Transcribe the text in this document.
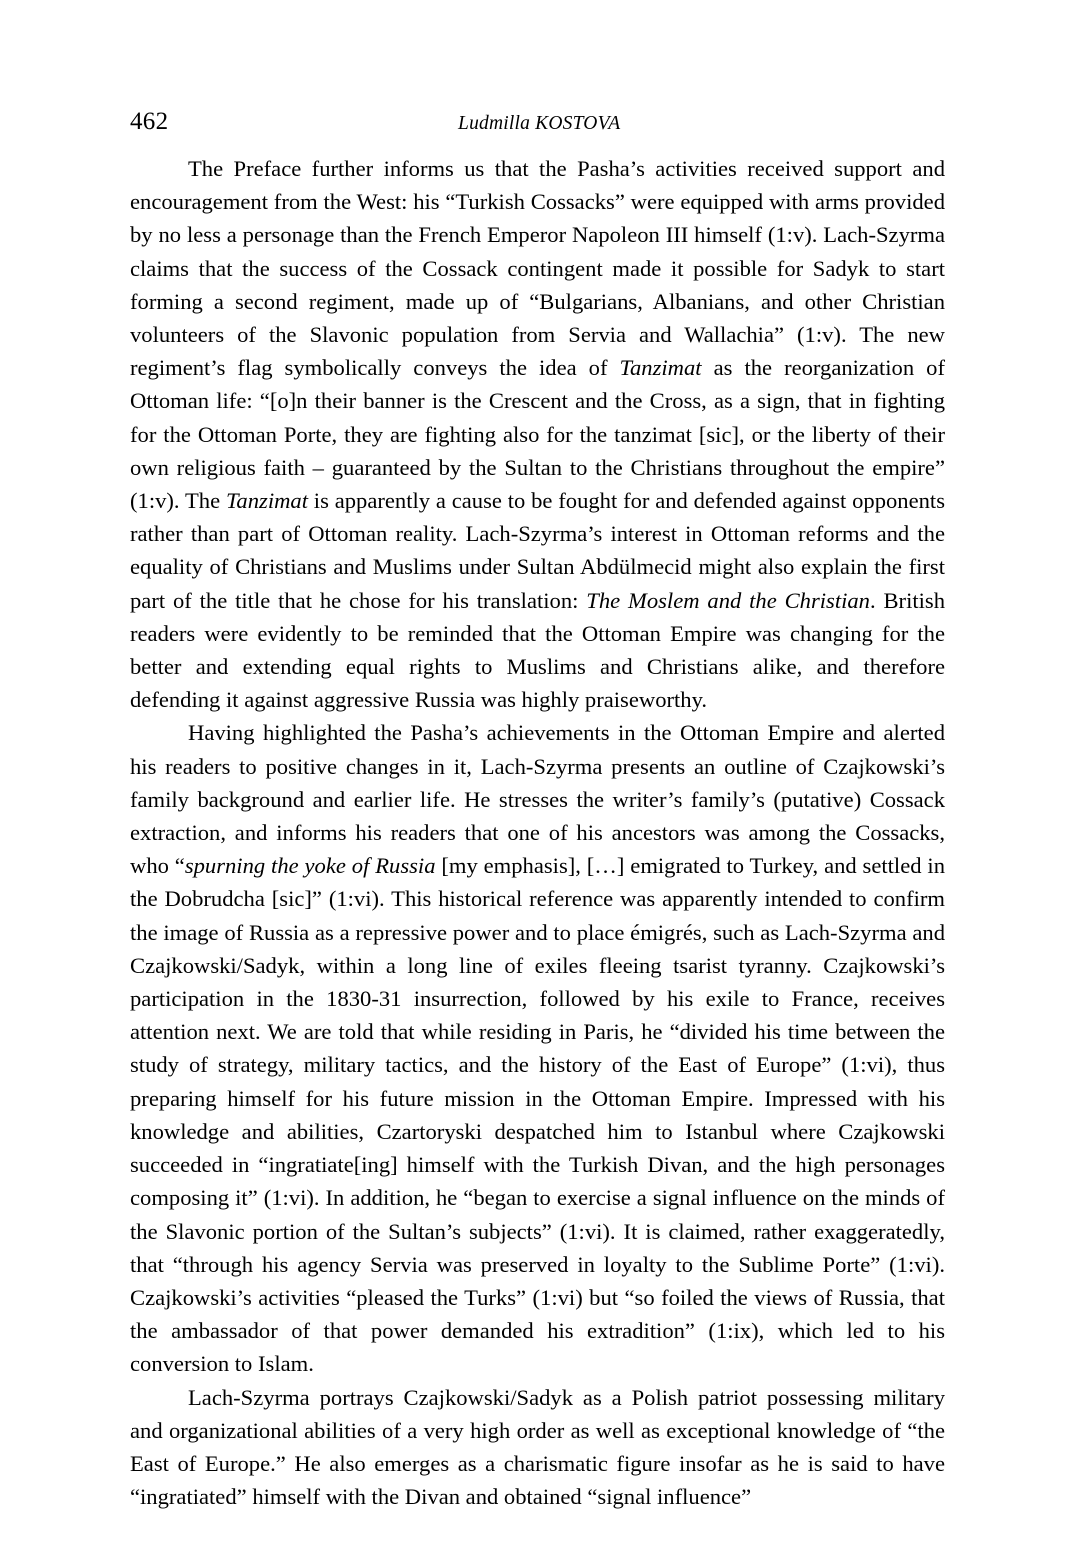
462	Ludmilla KOSTOVA

The Preface further informs us that the Pasha’s activities received support and encouragement from the West: his “Turkish Cossacks” were equipped with arms provided by no less a personage than the French Emperor Napoleon III himself (1:v). Lach-Szyrma claims that the success of the Cossack contingent made it possible for Sadyk to start forming a second regiment, made up of “Bulgarians, Albanians, and other Christian volunteers of the Slavonic population from Servia and Wallachia” (1:v). The new regiment’s flag symbolically conveys the idea of Tanzimat as the reorganization of Ottoman life: “[o]n their banner is the Crescent and the Cross, as a sign, that in fighting for the Ottoman Porte, they are fighting also for the tanzimat [sic], or the liberty of their own religious faith – guaranteed by the Sultan to the Christians throughout the empire” (1:v). The Tanzimat is apparently a cause to be fought for and defended against opponents rather than part of Ottoman reality. Lach-Szyrma’s interest in Ottoman reforms and the equality of Christians and Muslims under Sultan Abdülmecid might also explain the first part of the title that he chose for his translation: The Moslem and the Christian. British readers were evidently to be reminded that the Ottoman Empire was changing for the better and extending equal rights to Muslims and Christians alike, and therefore defending it against aggressive Russia was highly praiseworthy.

Having highlighted the Pasha’s achievements in the Ottoman Empire and alerted his readers to positive changes in it, Lach-Szyrma presents an outline of Czajkowski’s family background and earlier life. He stresses the writer’s family’s (putative) Cossack extraction, and informs his readers that one of his ancestors was among the Cossacks, who “spurning the yoke of Russia [my emphasis], […] emigrated to Turkey, and settled in the Dobrudcha [sic]” (1:vi). This historical reference was apparently intended to confirm the image of Russia as a repressive power and to place émigrés, such as Lach-Szyrma and Czajkowski/Sadyk, within a long line of exiles fleeing tsarist tyranny. Czajkowski’s participation in the 1830-31 insurrection, followed by his exile to France, receives attention next. We are told that while residing in Paris, he “divided his time between the study of strategy, military tactics, and the history of the East of Europe” (1:vi), thus preparing himself for his future mission in the Ottoman Empire. Impressed with his knowledge and abilities, Czartoryski despatched him to Istanbul where Czajkowski succeeded in “ingratiate[ing] himself with the Turkish Divan, and the high personages composing it” (1:vi). In addition, he “began to exercise a signal influence on the minds of the Slavonic portion of the Sultan’s subjects” (1:vi). It is claimed, rather exaggeratedly, that “through his agency Servia was preserved in loyalty to the Sublime Porte” (1:vi). Czajkowski’s activities “pleased the Turks” (1:vi) but “so foiled the views of Russia, that the ambassador of that power demanded his extradition” (1:ix), which led to his conversion to Islam.

Lach-Szyrma portrays Czajkowski/Sadyk as a Polish patriot possessing military and organizational abilities of a very high order as well as exceptional knowledge of “the East of Europe.” He also emerges as a charismatic figure insofar as he is said to have “ingratiated” himself with the Divan and obtained “signal influence”
